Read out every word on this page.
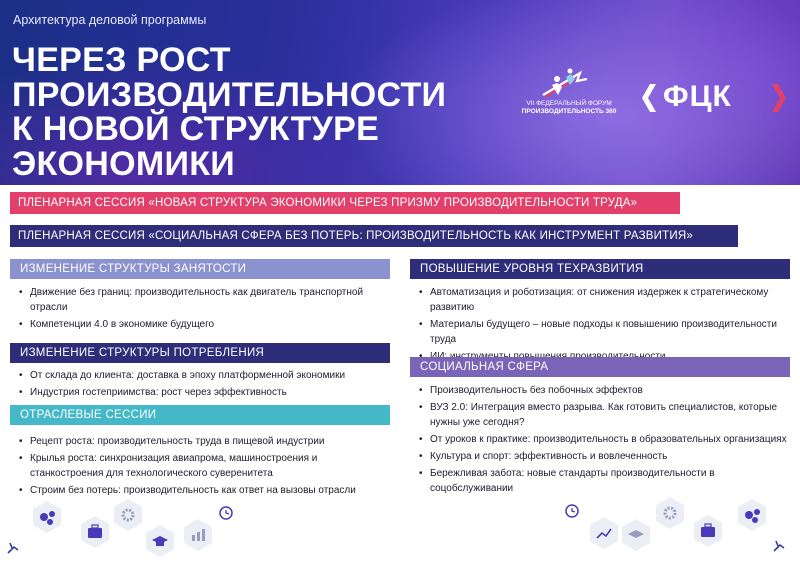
Архитектура деловой программы
ЧЕРЕЗ РОСТ
ПРОИЗВОДИТЕЛЬНОСТИ
К НОВОЙ СТРУКТУРЕ
ЭКОНОМИКИ
VII ФЕДЕРАЛЬНЫЙ ФОРУМ
ПРОИЗВОДИТЕЛЬНОСТЬ 360 ФЦК
ПЛЕНАРНАЯ СЕССИЯ «НОВАЯ СТРУКТУРА ЭКОНОМИКИ ЧЕРЕЗ ПРИЗМУ ПРОИЗВОДИТЕЛЬНОСТИ ТРУДА»
ПЛЕНАРНАЯ СЕССИЯ «СОЦИАЛЬНАЯ СФЕРА БЕЗ ПОТЕРЬ: ПРОИЗВОДИТЕЛЬНОСТЬ КАК ИНСТРУМЕНТ РАЗВИТИЯ»
ИЗМЕНЕНИЕ СТРУКТУРЫ ЗАНЯТОСТИ
• Движение без границ: производительность как двигатель транспортной отрасли
• Компетенции 4.0 в экономике будущего
ИЗМЕНЕНИЕ СТРУКТУРЫ ПОТРЕБЛЕНИЯ
• От склада до клиента: доставка в эпоху платформенной экономики
• Индустрия гостеприимства: рост через эффективность
ОТРАСЛЕВЫЕ СЕССИИ
• Рецепт роста: производительность труда в пищевой индустрии
• Крылья роста: синхронизация авиапрома, машиностроения и станкостроения для технологического суверенитета
• Строим без потерь: производительность как ответ на вызовы отрасли
ПОВЫШЕНИЕ УРОВНЯ ТЕХРАЗВИТИЯ
• Автоматизация и роботизация: от снижения издержек к стратегическому развитию
• Материалы будущего – новые подходы к повышению производительности труда
•
СОЦИАЛЬНАЯ СФЕРА
• Производительность без побочных эффектов
• ВУЗ 2.0: Интеграция вместо разрыва. Как готовить специалистов, которые нужны уже сегодня?
• От уроков к практике: производительность в образовательных организациях
• Культура и спорт: эффективность и вовлеченность
• Бережливая забота: новые стандарты производительности в соцобслуживании
